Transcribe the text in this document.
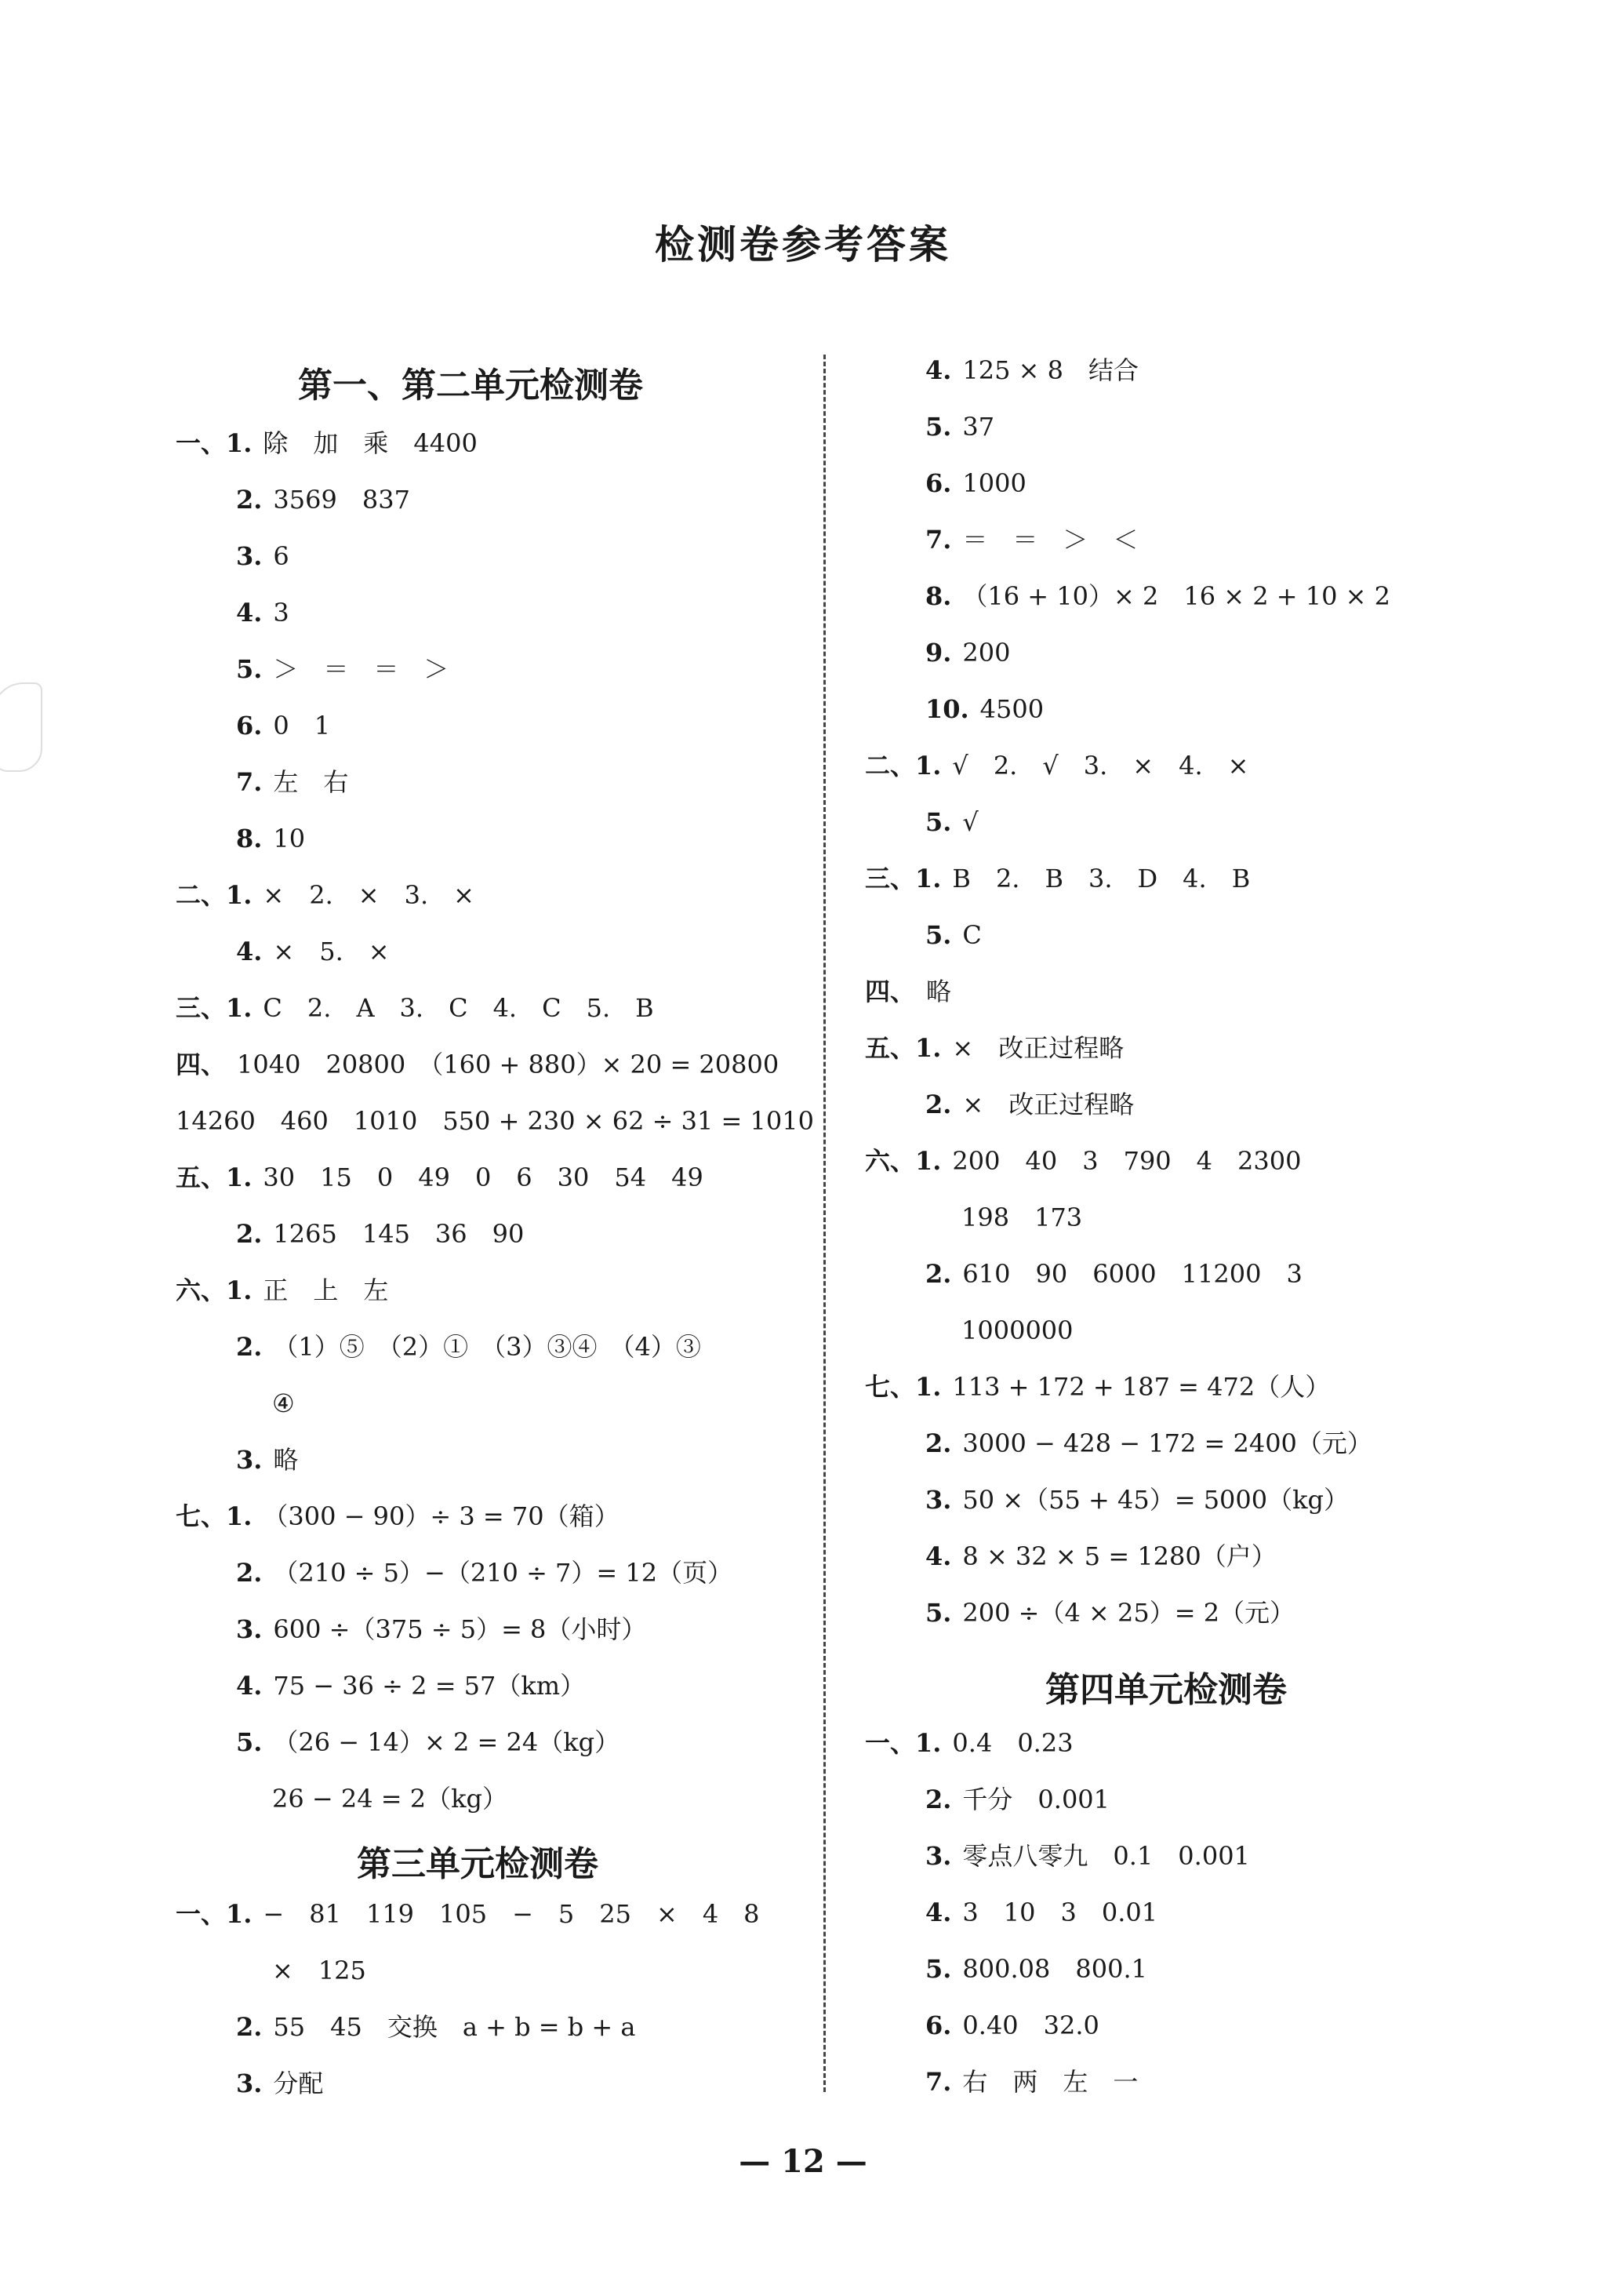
检测卷参考答案
第一、第二单元检测卷
第三单元检测卷
一、1. 除　加　乘　4400
2. 3569　837
3. 6
4. 3
5. ＞　＝　＝　＞
6. 0　1
7. 左　右
8. 10
二、1. ×　2.　×　3.　×
4. ×　5.　×
三、1. C　2.　A　3.　C　4.　C　5.　B
四、 1040　20800　（160 + 880）× 20 = 20800
14260　460　1010　550 + 230 × 62 ÷ 31 = 1010
五、1. 30　15　0　49　0　6　30　54　49
2. 1265　145　36　90
六、1. 正　上　左
2. （1）⑤　（2）①　（3）③④　（4）③
④
3. 略
七、1. （300 − 90）÷ 3 = 70（箱）
2. （210 ÷ 5）−（210 ÷ 7）= 12（页）
3. 600 ÷（375 ÷ 5）= 8（小时）
4. 75 − 36 ÷ 2 = 57（km）
5. （26 − 14）× 2 = 24（kg）
26 − 24 = 2（kg）
一、1. −　81　119　105　−　5　25　×　4　8
×　125
2. 55　45　交换　a + b = b + a
3. 分配
第四单元检测卷
4. 125 × 8　结合
5. 37
6. 1000
7. ＝　＝　＞　＜
8. （16 + 10）× 2　16 × 2 + 10 × 2
9. 200
10. 4500
二、1. √　2.　√　3.　×　4.　×
5. √
三、1. B　2.　B　3.　D　4.　B
5. C
四、 略
五、1. ×　改正过程略
2. ×　改正过程略
六、1. 200　40　3　790　4　2300
198　173
2. 610　90　6000　11200　3
1000000
七、1. 113 + 172 + 187 = 472（人）
2. 3000 − 428 − 172 = 2400（元）
3. 50 ×（55 + 45）= 5000（kg）
4. 8 × 32 × 5 = 1280（户）
5. 200 ÷（4 × 25）= 2（元）
一、1. 0.4　0.23
2. 千分　0.001
3. 零点八零九　0.1　0.001
4. 3　10　3　0.01
5. 800.08　800.1
6. 0.40　32.0
7. 右　两　左　一
— 12 —
